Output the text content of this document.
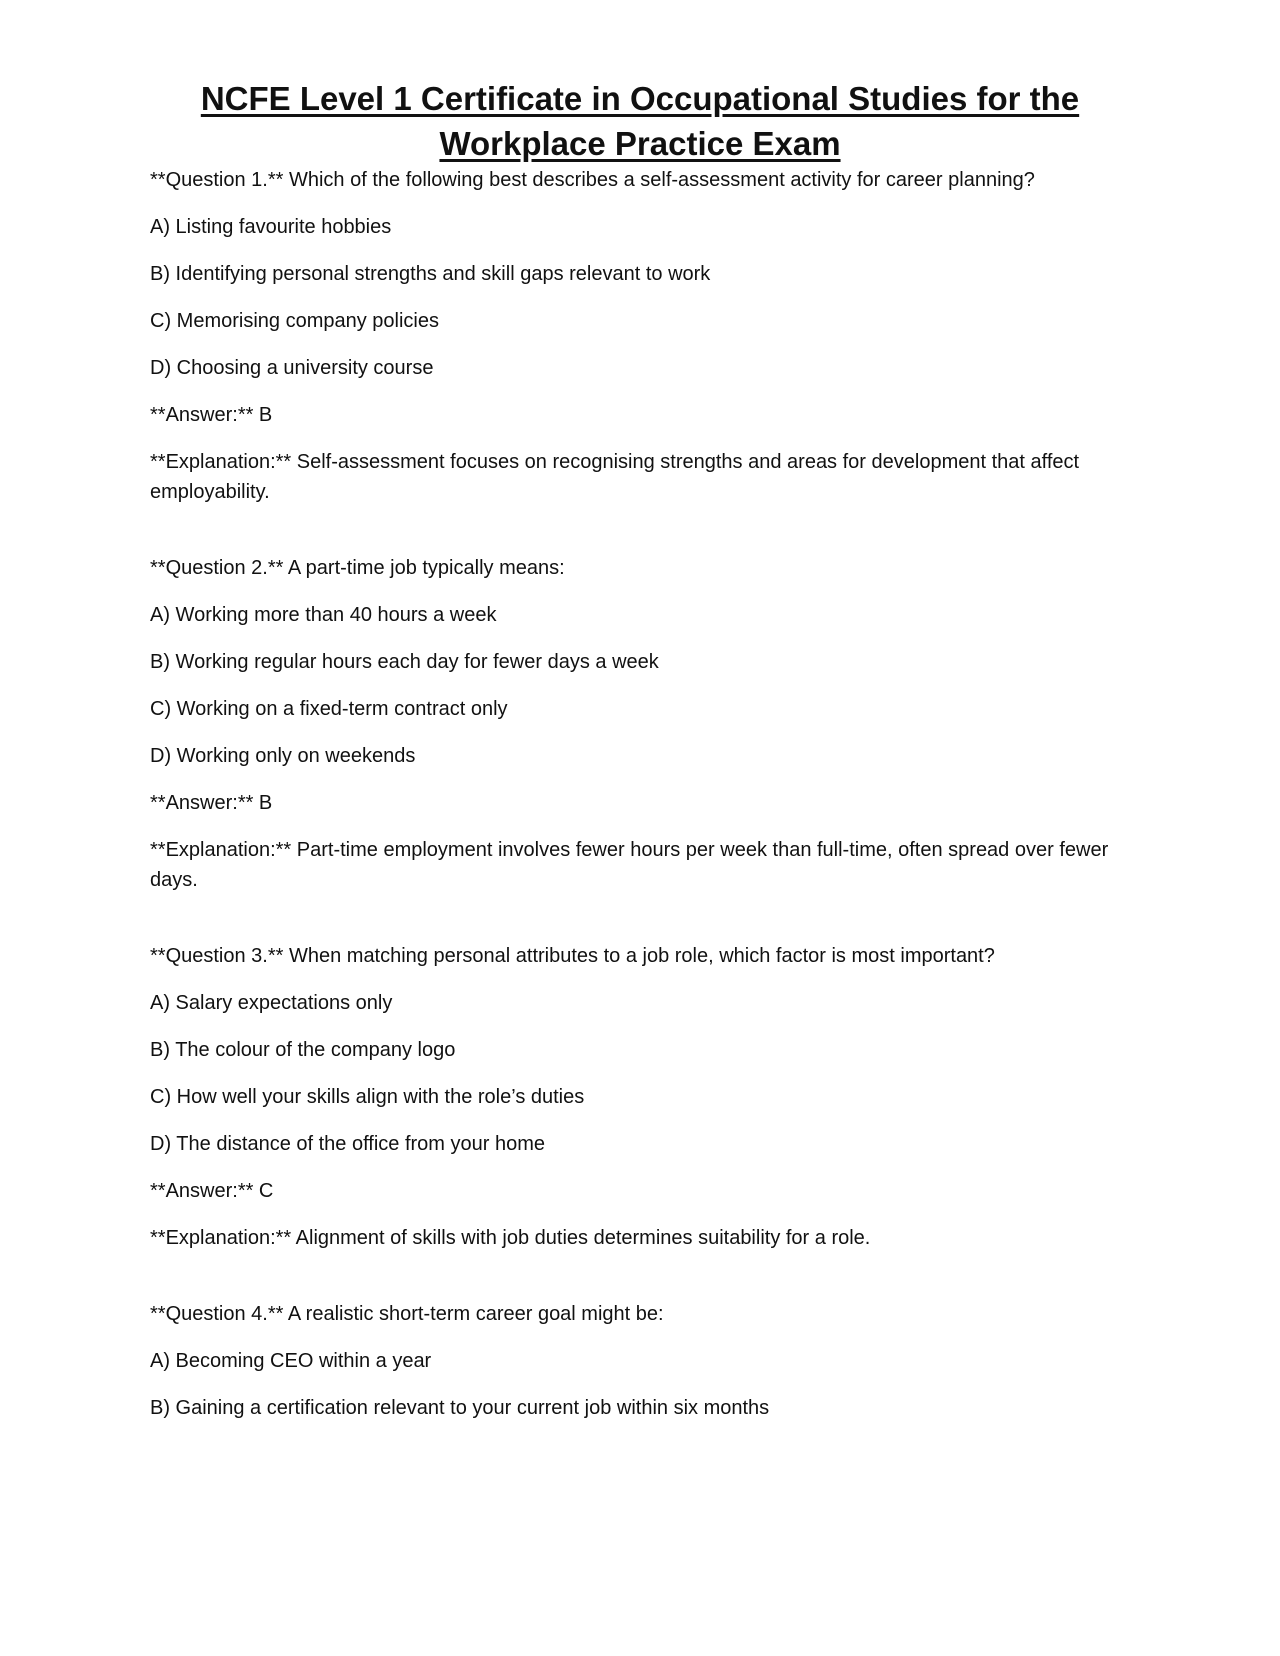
NCFE Level 1 Certificate in Occupational Studies for the Workplace Practice Exam

**Question 1.** Which of the following best describes a self-assessment activity for career planning?

A) Listing favourite hobbies

B) Identifying personal strengths and skill gaps relevant to work

C) Memorising company policies

D) Choosing a university course

**Answer:** B

**Explanation:** Self-assessment focuses on recognising strengths and areas for development that affect employability.

**Question 2.** A part-time job typically means:

A) Working more than 40 hours a week

B) Working regular hours each day for fewer days a week

C) Working on a fixed-term contract only

D) Working only on weekends

**Answer:** B

**Explanation:** Part-time employment involves fewer hours per week than full-time, often spread over fewer days.

**Question 3.** When matching personal attributes to a job role, which factor is most important?

A) Salary expectations only

B) The colour of the company logo

C) How well your skills align with the role’s duties

D) The distance of the office from your home

**Answer:** C

**Explanation:** Alignment of skills with job duties determines suitability for a role.

**Question 4.** A realistic short-term career goal might be:

A) Becoming CEO within a year

B) Gaining a certification relevant to your current job within six months
